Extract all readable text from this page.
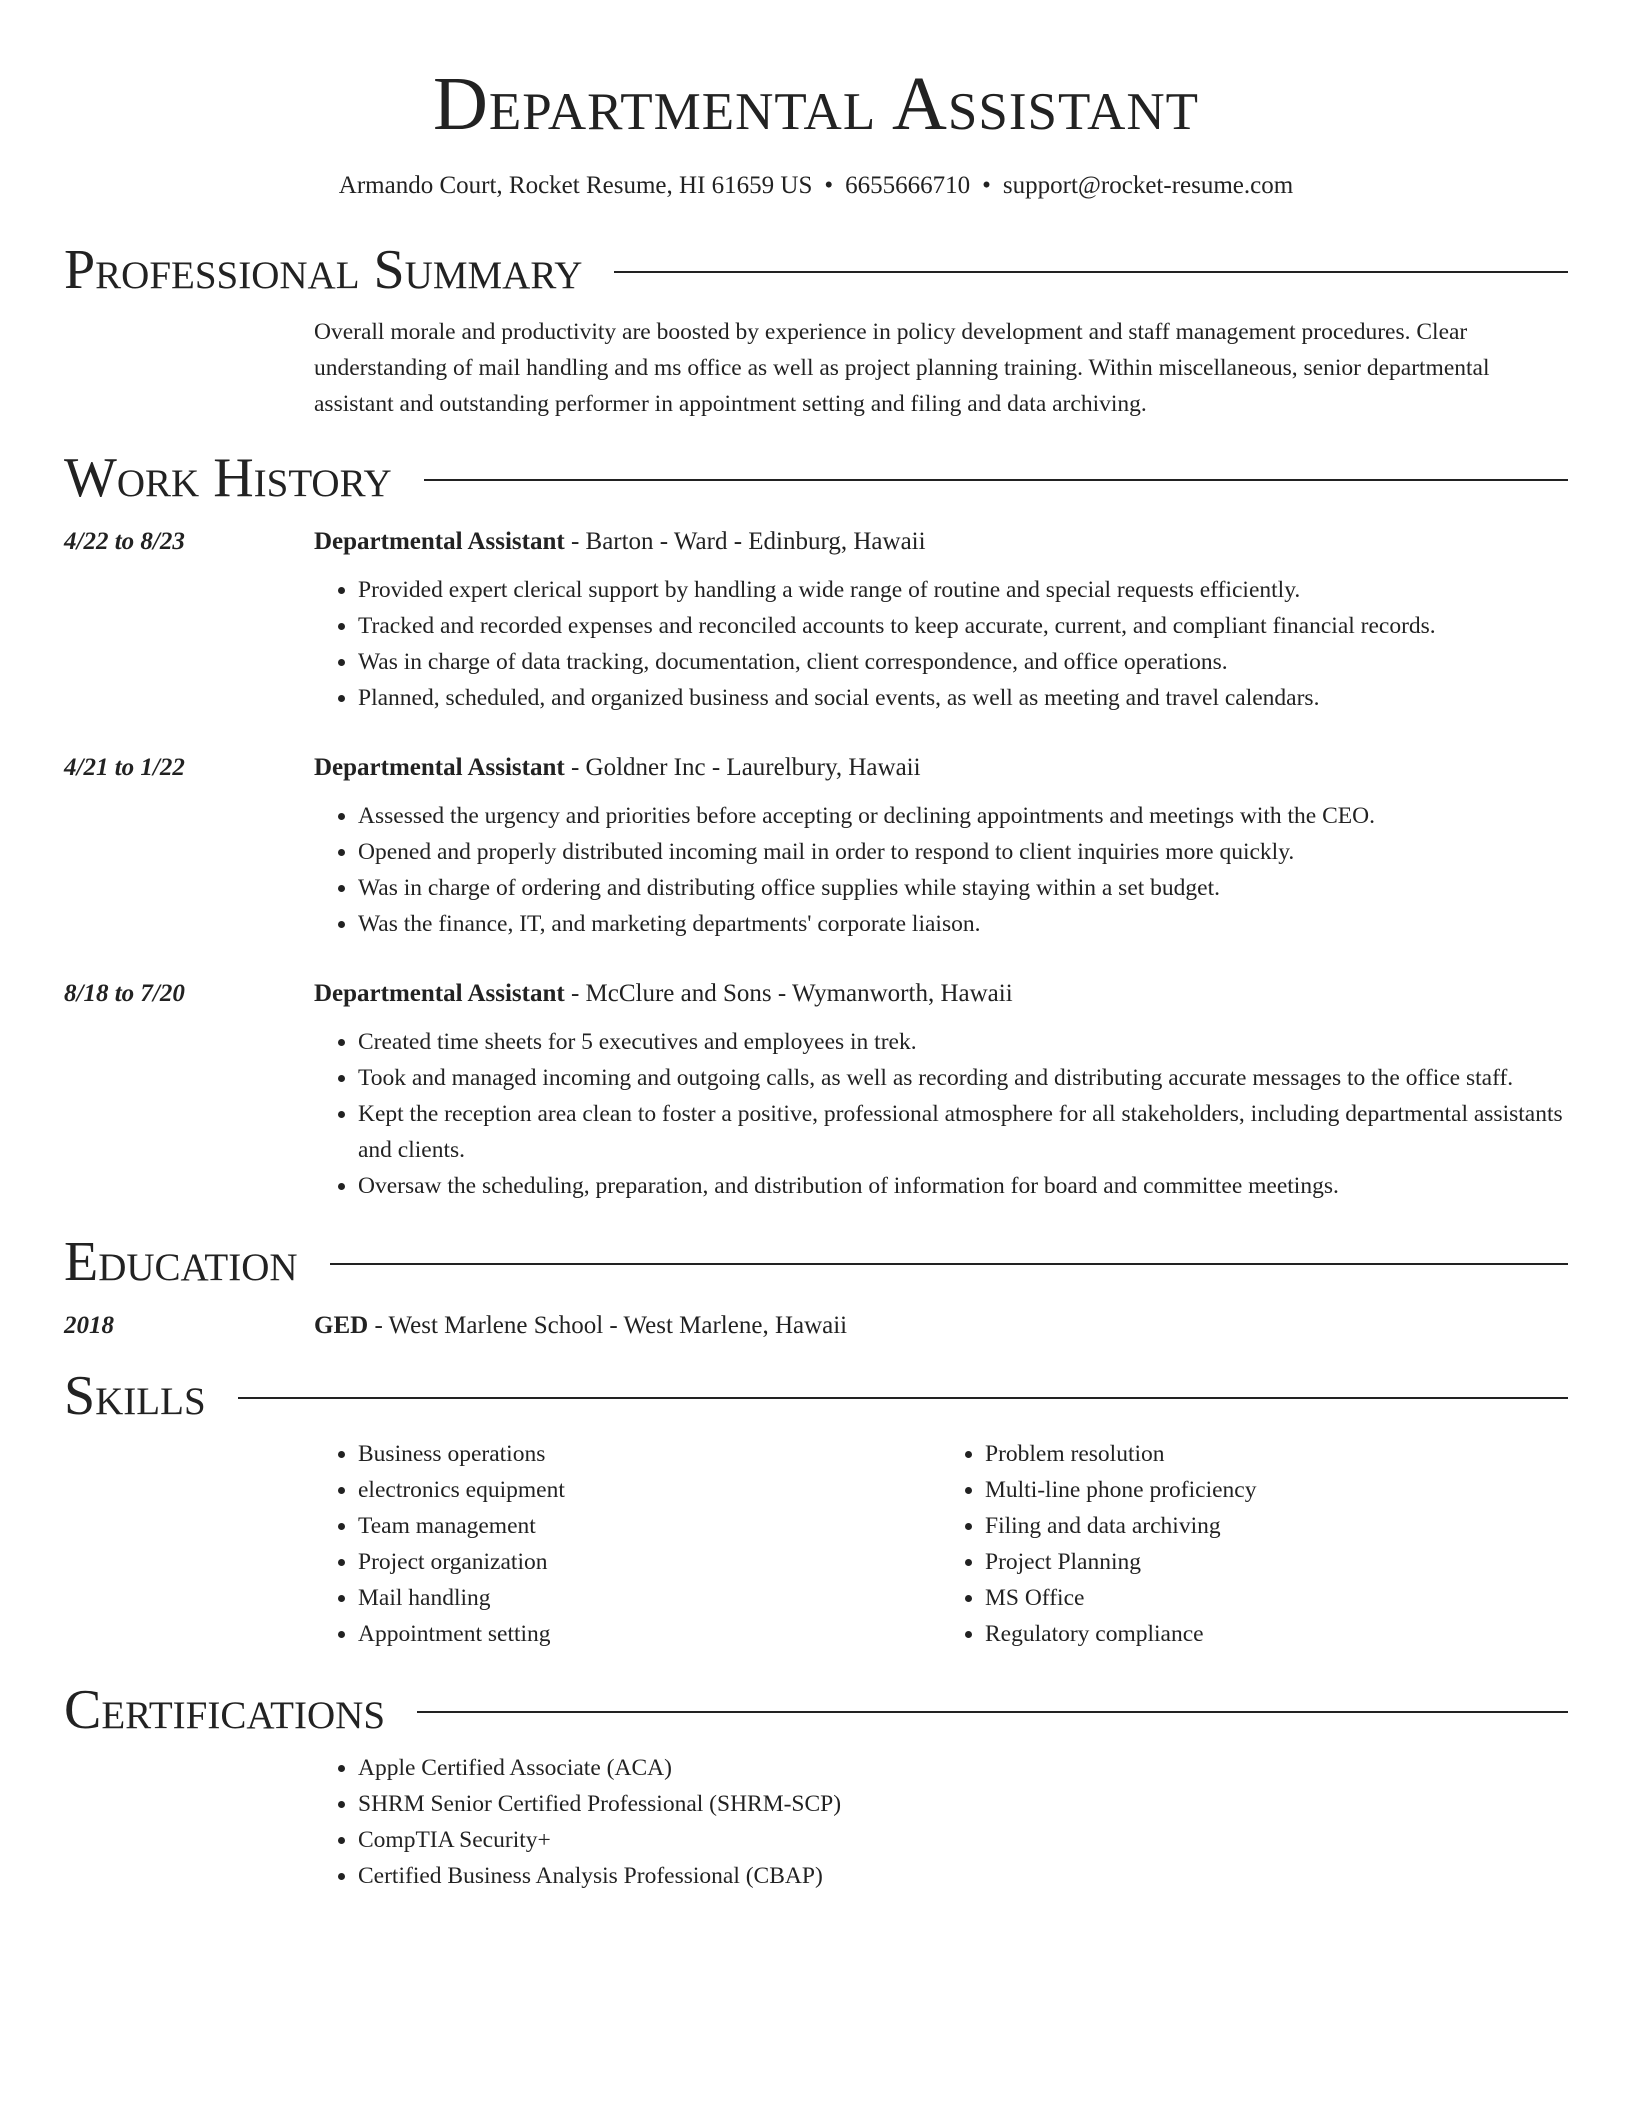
Departmental Assistant
Armando Court, Rocket Resume, HI 61659 US • 6655666710 • support@rocket-resume.com
Professional Summary
Overall morale and productivity are boosted by experience in policy development and staff management procedures. Clear understanding of mail handling and ms office as well as project planning training. Within miscellaneous, senior departmental assistant and outstanding performer in appointment setting and filing and data archiving.
Work History
4/22 to 8/23	Departmental Assistant - Barton - Ward - Edinburg, Hawaii
• Provided expert clerical support by handling a wide range of routine and special requests efficiently.
• Tracked and recorded expenses and reconciled accounts to keep accurate, current, and compliant financial records.
• Was in charge of data tracking, documentation, client correspondence, and office operations.
• Planned, scheduled, and organized business and social events, as well as meeting and travel calendars.
4/21 to 1/22	Departmental Assistant - Goldner Inc - Laurelbury, Hawaii
• Assessed the urgency and priorities before accepting or declining appointments and meetings with the CEO.
• Opened and properly distributed incoming mail in order to respond to client inquiries more quickly.
• Was in charge of ordering and distributing office supplies while staying within a set budget.
• Was the finance, IT, and marketing departments' corporate liaison.
8/18 to 7/20	Departmental Assistant - McClure and Sons - Wymanworth, Hawaii
• Created time sheets for 5 executives and employees in trek.
• Took and managed incoming and outgoing calls, as well as recording and distributing accurate messages to the office staff.
• Kept the reception area clean to foster a positive, professional atmosphere for all stakeholders, including departmental assistants and clients.
• Oversaw the scheduling, preparation, and distribution of information for board and committee meetings.
Education
2018	GED - West Marlene School - West Marlene, Hawaii
Skills
• Business operations
• electronics equipment
• Team management
• Project organization
• Mail handling
• Appointment setting
• Problem resolution
• Multi-line phone proficiency
• Filing and data archiving
• Project Planning
• MS Office
• Regulatory compliance
Certifications
• Apple Certified Associate (ACA)
• SHRM Senior Certified Professional (SHRM-SCP)
• CompTIA Security+
• Certified Business Analysis Professional (CBAP)
